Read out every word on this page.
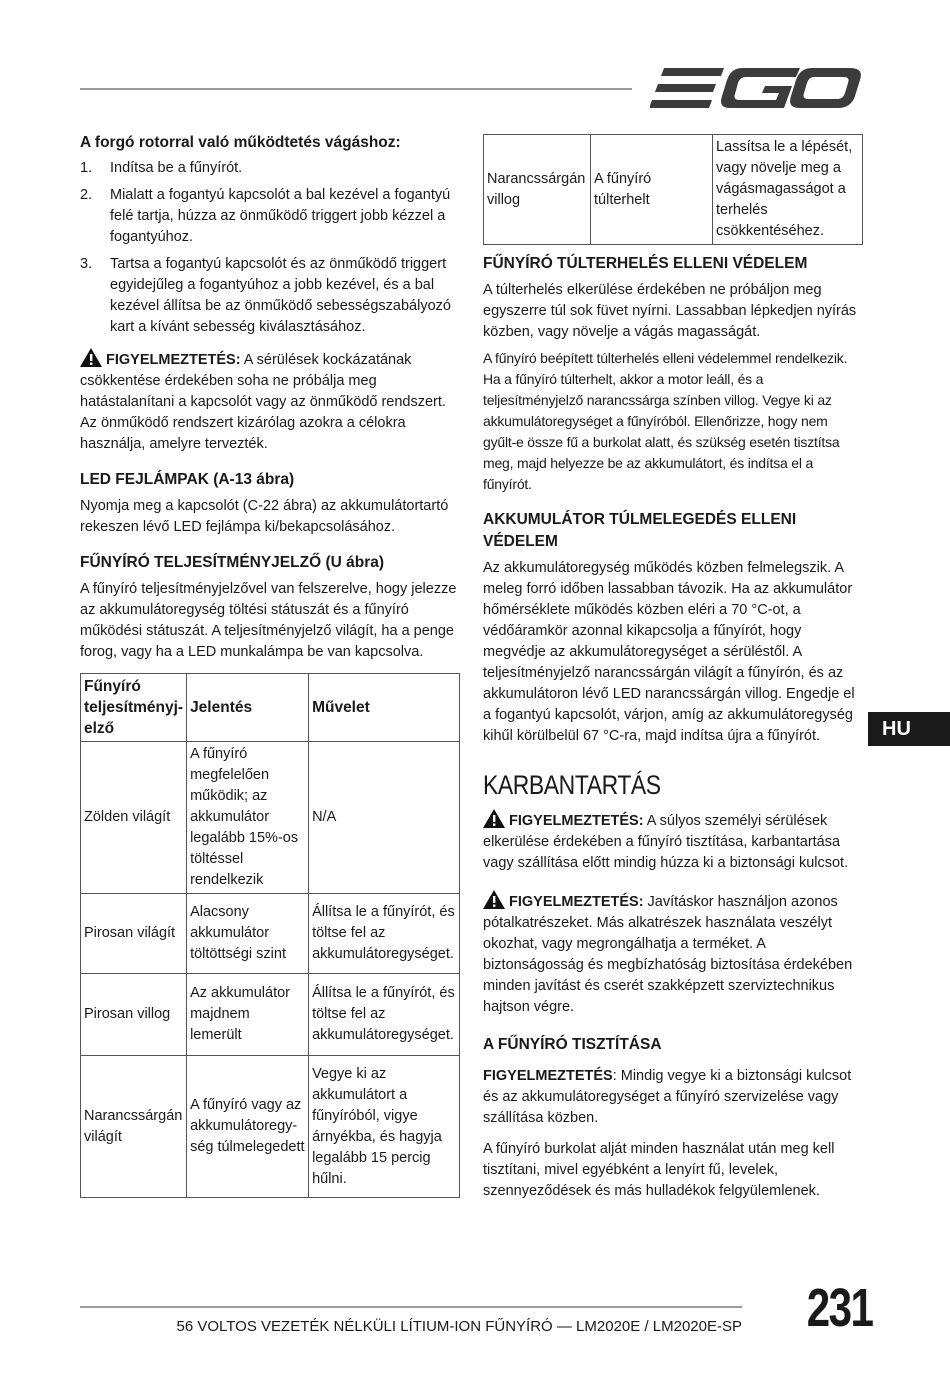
A forgó rotorral való működtetés vágáshoz:
1. Indítsa be a fűnyírót.
2. Mialatt a fogantyú kapcsolót a bal kezével a fogantyú felé tartja, húzza az önműködő triggert jobb kézzel a fogantyúhoz.
3. Tartsa a fogantyú kapcsolót és az önműködő triggert egyidejűleg a fogantyúhoz a jobb kezével, és a bal kezével állítsa be az önműködő sebességszabályozó kart a kívánt sebesség kiválasztásához.

FIGYELMEZTETÉS: A sérülések kockázatának csökkentése érdekében soha ne próbálja meg hatástalanítani a kapcsolót vagy az önműködő rendszert. Az önműködő rendszert kizárólag azokra a célokra használja, amelyre tervezték.

LED FEJLÁMPAK (A-13 ábra)

Nyomja meg a kapcsolót (C-22 ábra) az akkumulátortartó rekeszen lévő LED fejlámpa ki/bekapcsolásához.

FŰNYÍRÓ TELJESÍTMÉNYJELZŐ (U ábra)

A fűnyíró teljesítményjelzővel van felszerelve, hogy jelezze az akkumulátoregység töltési státuszát és a fűnyíró működési státuszát. A teljesítményjelző világít, ha a penge forog, vagy ha a LED munkalámpa be van kapcsolva.

Fűnyíró teljesítményj-elző	Jelentés	Művelet
Zölden világít	A fűnyíró megfelelően működik; az akkumulátor legalább 15%-os töltéssel rendelkezik	N/A
Pirosan világít	Alacsony akkumulátor töltöttségi szint	Állítsa le a fűnyírót, és töltse fel az akkumulátoregységet.
Pirosan villog	Az akkumulátor majdnem lemerült	Állítsa le a fűnyírót, és töltse fel az akkumulátoregységet.
Narancssárgán világít	A fűnyíró vagy az akkumulátoregy-ség túlmelegedett	Vegye ki az akkumulátort a fűnyíróból, vigye árnyékba, és hagyja legalább 15 percig hűlni.
Narancssárgán villog	A fűnyíró túlterhelt	Lassítsa le a lépését, vagy növelje meg a vágásmagasságot a terhelés csökkentéséhez.
FŰNYÍRÓ TÚLTERHELÉS ELLENI VÉDELEM

A túlterhelés elkerülése érdekében ne próbáljon meg egyszerre túl sok füvet nyírni. Lassabban lépkedjen nyírás közben, vagy növelje a vágás magasságát.

A fűnyíró beépített túlterhelés elleni védelemmel rendelkezik. Ha a fűnyíró túlterhelt, akkor a motor leáll, és a teljesítményjelző narancssárga színben villog. Vegye ki az akkumulátoregységet a fűnyíróból. Ellenőrizze, hogy nem gyűlt-e össze fű a burkolat alatt, és szükség esetén tisztítsa meg, majd helyezze be az akkumulátort, és indítsa el a fűnyírót.

AKKUMULÁTOR TÚLMELEGEDÉS ELLENI VÉDELEM

Az akkumulátoregység működés közben felmelegszik. A meleg forró időben lassabban távozik. Ha az akkumulátor hőmérséklete működés közben eléri a 70 °C-ot, a védőáramkör azonnal kikapcsolja a fűnyírót, hogy megvédje az akkumulátoregységet a sérüléstől. A teljesítményjelző narancssárgán világít a fűnyírón, és az akkumulátoron lévő LED narancssárgán villog. Engedje el a fogantyú kapcsolót, várjon, amíg az akkumulátoregység kihűl körülbelül 67 °C-ra, majd indítsa újra a fűnyírót.

KARBANTARTÁS

FIGYELMEZTETÉS: A súlyos személyi sérülések elkerülése érdekében a fűnyíró tisztítása, karbantartása vagy szállítása előtt mindig húzza ki a biztonsági kulcsot.

FIGYELMEZTETÉS: Javításkor használjon azonos pótalkatrészeket. Más alkatrészek használata veszélyt okozhat, vagy megrongálhatja a terméket. A biztonságosság és megbízhatóság biztosítása érdekében minden javítást és cserét szakképzett szerviztechnikus hajtson végre.

A FŰNYÍRÓ TISZTÍTÁSA

FIGYELMEZTETÉS: Mindig vegye ki a biztonsági kulcsot és az akkumulátoregységet a fűnyíró szervizelése vagy szállítása közben.

A fűnyíró burkolat alját minden használat után meg kell tisztítani, mivel egyébként a lenyírt fű, levelek, szennyeződések és más hulladékok felgyülemlenek.

HU
56 VOLTOS VEZETÉK NÉLKÜLI LÍTIUM-ION FŰNYÍRÓ — LM2020E / LM2020E-SP 231
